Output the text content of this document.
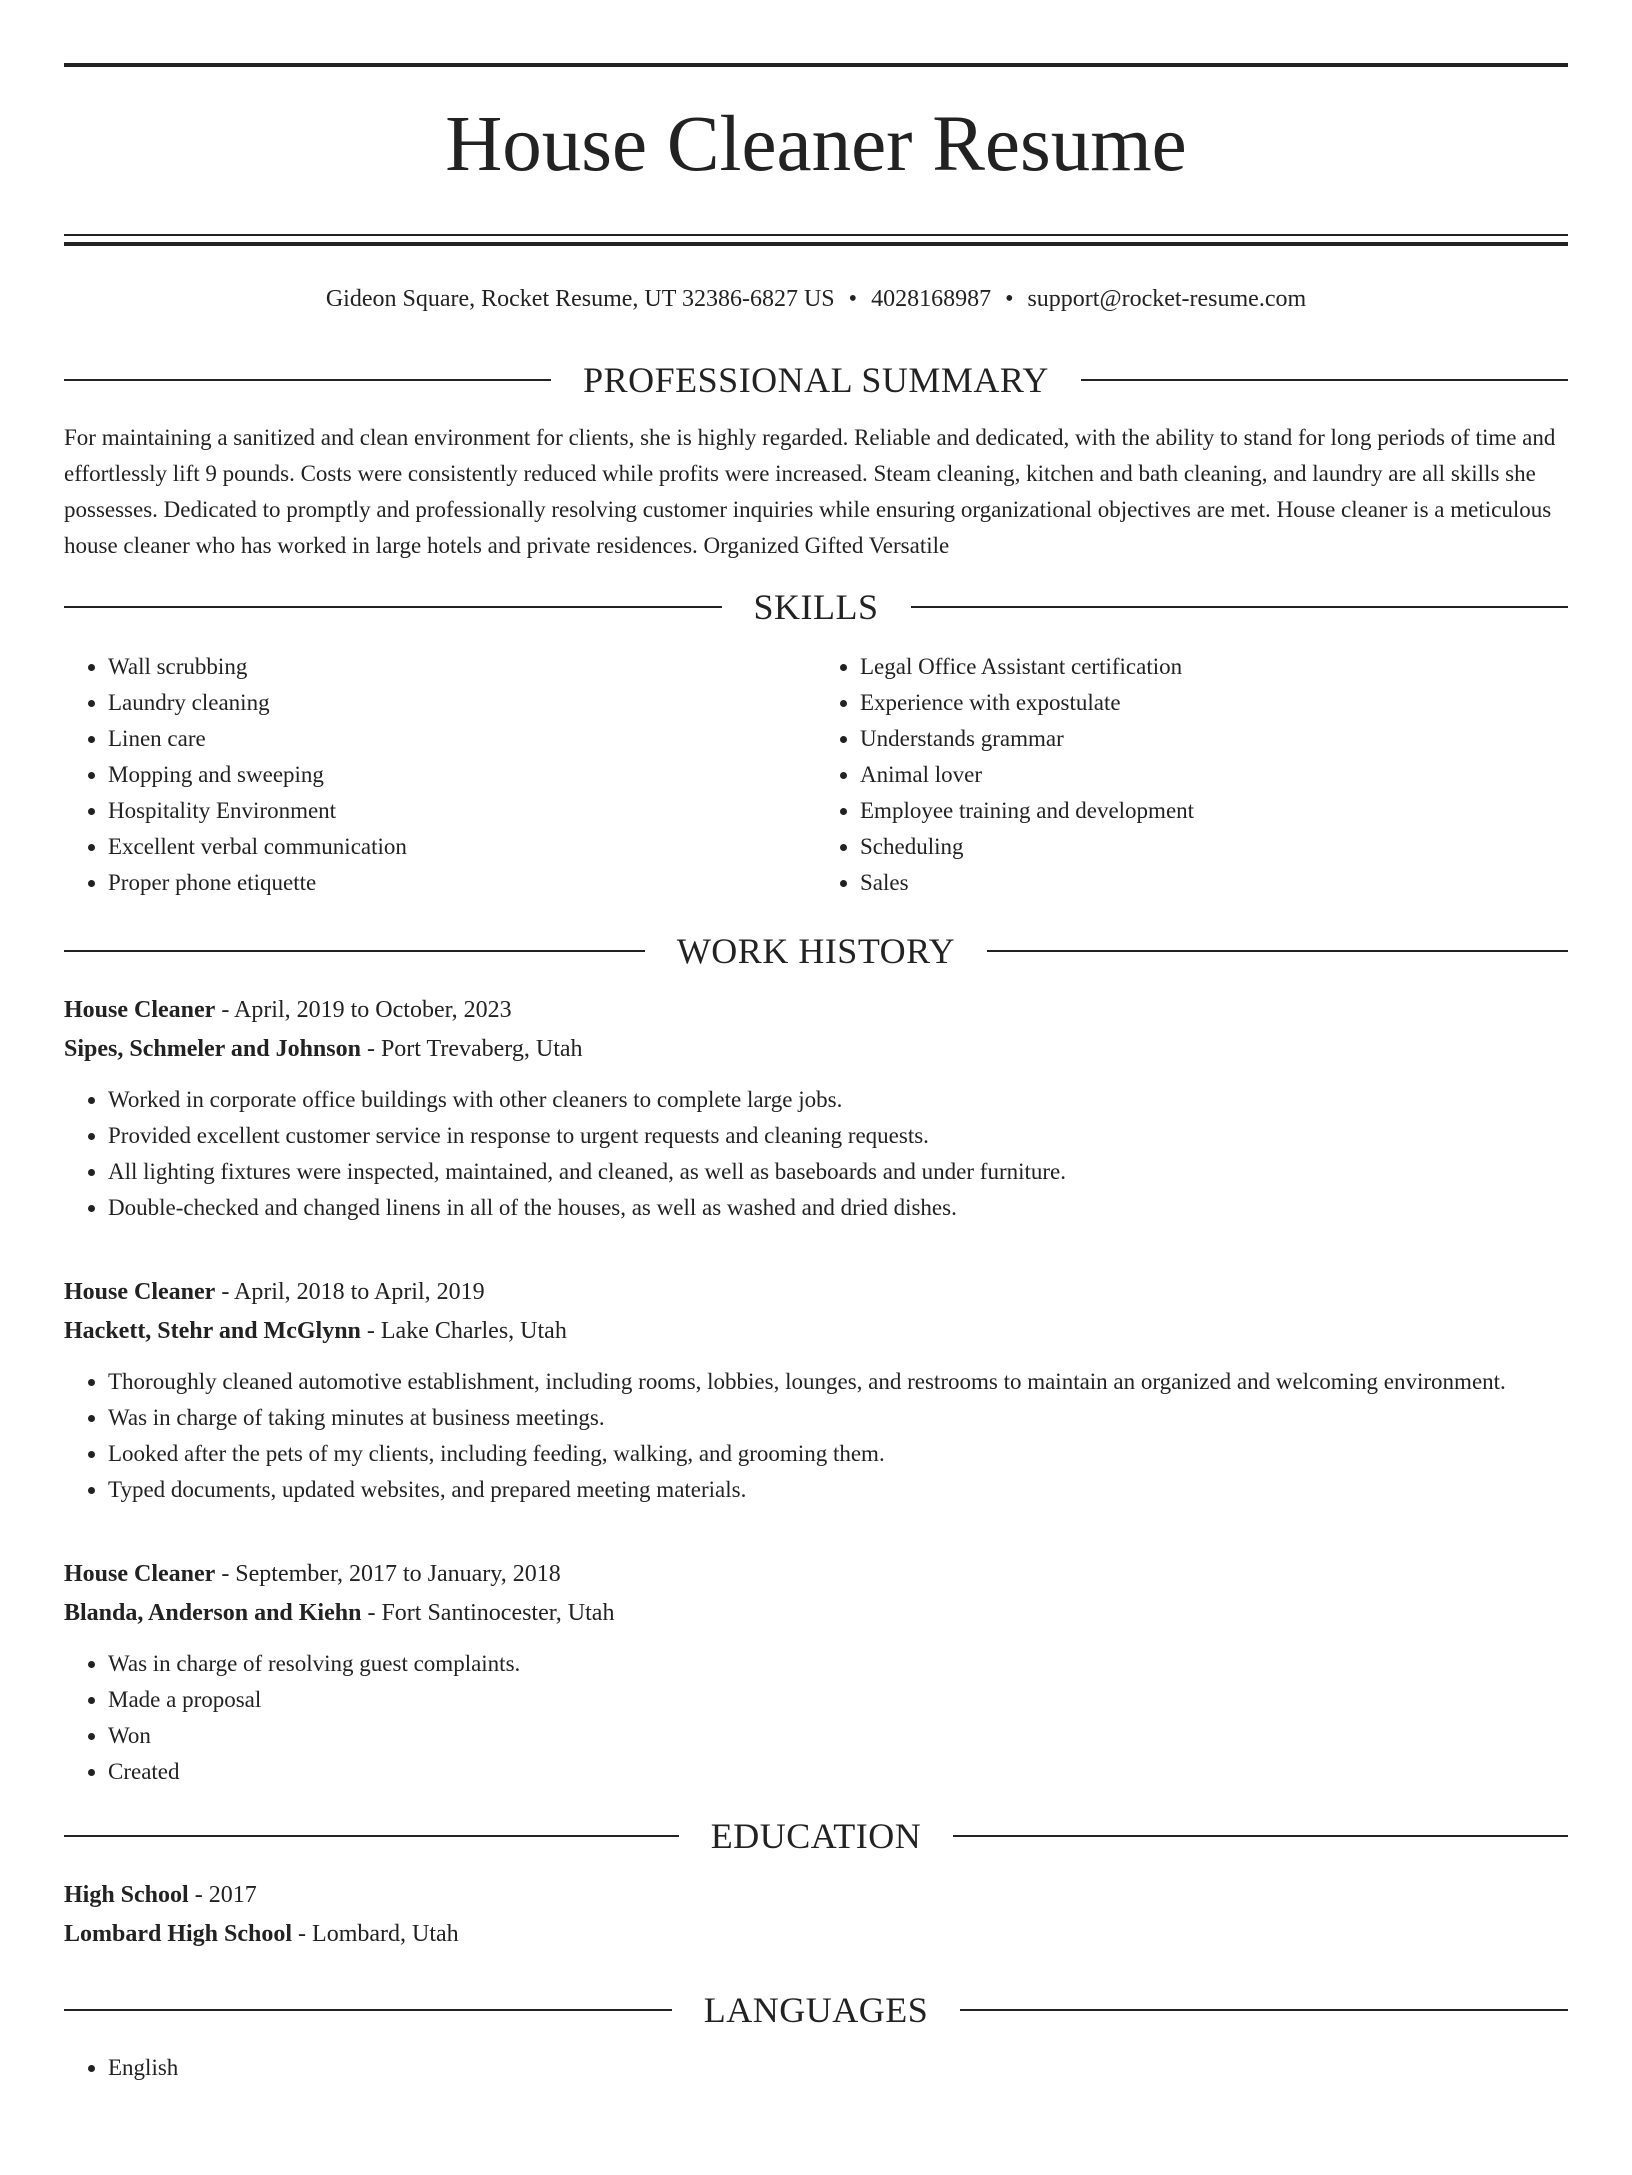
House Cleaner Resume
Gideon Square, Rocket Resume, UT 32386-6827 US • 4028168987 • support@rocket-resume.com
PROFESSIONAL SUMMARY
For maintaining a sanitized and clean environment for clients, she is highly regarded. Reliable and dedicated, with the ability to stand for long periods of time and effortlessly lift 9 pounds. Costs were consistently reduced while profits were increased. Steam cleaning, kitchen and bath cleaning, and laundry are all skills she possesses. Dedicated to promptly and professionally resolving customer inquiries while ensuring organizational objectives are met. House cleaner is a meticulous house cleaner who has worked in large hotels and private residences. Organized Gifted Versatile
SKILLS
• Wall scrubbing
• Laundry cleaning
• Linen care
• Mopping and sweeping
• Hospitality Environment
• Excellent verbal communication
• Proper phone etiquette
• Legal Office Assistant certification
• Experience with expostulate
• Understands grammar
• Animal lover
• Employee training and development
• Scheduling
• Sales
WORK HISTORY
House Cleaner - April, 2019 to October, 2023
Sipes, Schmeler and Johnson - Port Trevaberg, Utah
• Worked in corporate office buildings with other cleaners to complete large jobs.
• Provided excellent customer service in response to urgent requests and cleaning requests.
• All lighting fixtures were inspected, maintained, and cleaned, as well as baseboards and under furniture.
• Double-checked and changed linens in all of the houses, as well as washed and dried dishes.
House Cleaner - April, 2018 to April, 2019
Hackett, Stehr and McGlynn - Lake Charles, Utah
• Thoroughly cleaned automotive establishment, including rooms, lobbies, lounges, and restrooms to maintain an organized and welcoming environment.
• Was in charge of taking minutes at business meetings.
• Looked after the pets of my clients, including feeding, walking, and grooming them.
• Typed documents, updated websites, and prepared meeting materials.
House Cleaner - September, 2017 to January, 2018
Blanda, Anderson and Kiehn - Fort Santinocester, Utah
• Was in charge of resolving guest complaints.
• Made a proposal
• Won
• Created
EDUCATION
High School - 2017
Lombard High School - Lombard, Utah
LANGUAGES
• English
